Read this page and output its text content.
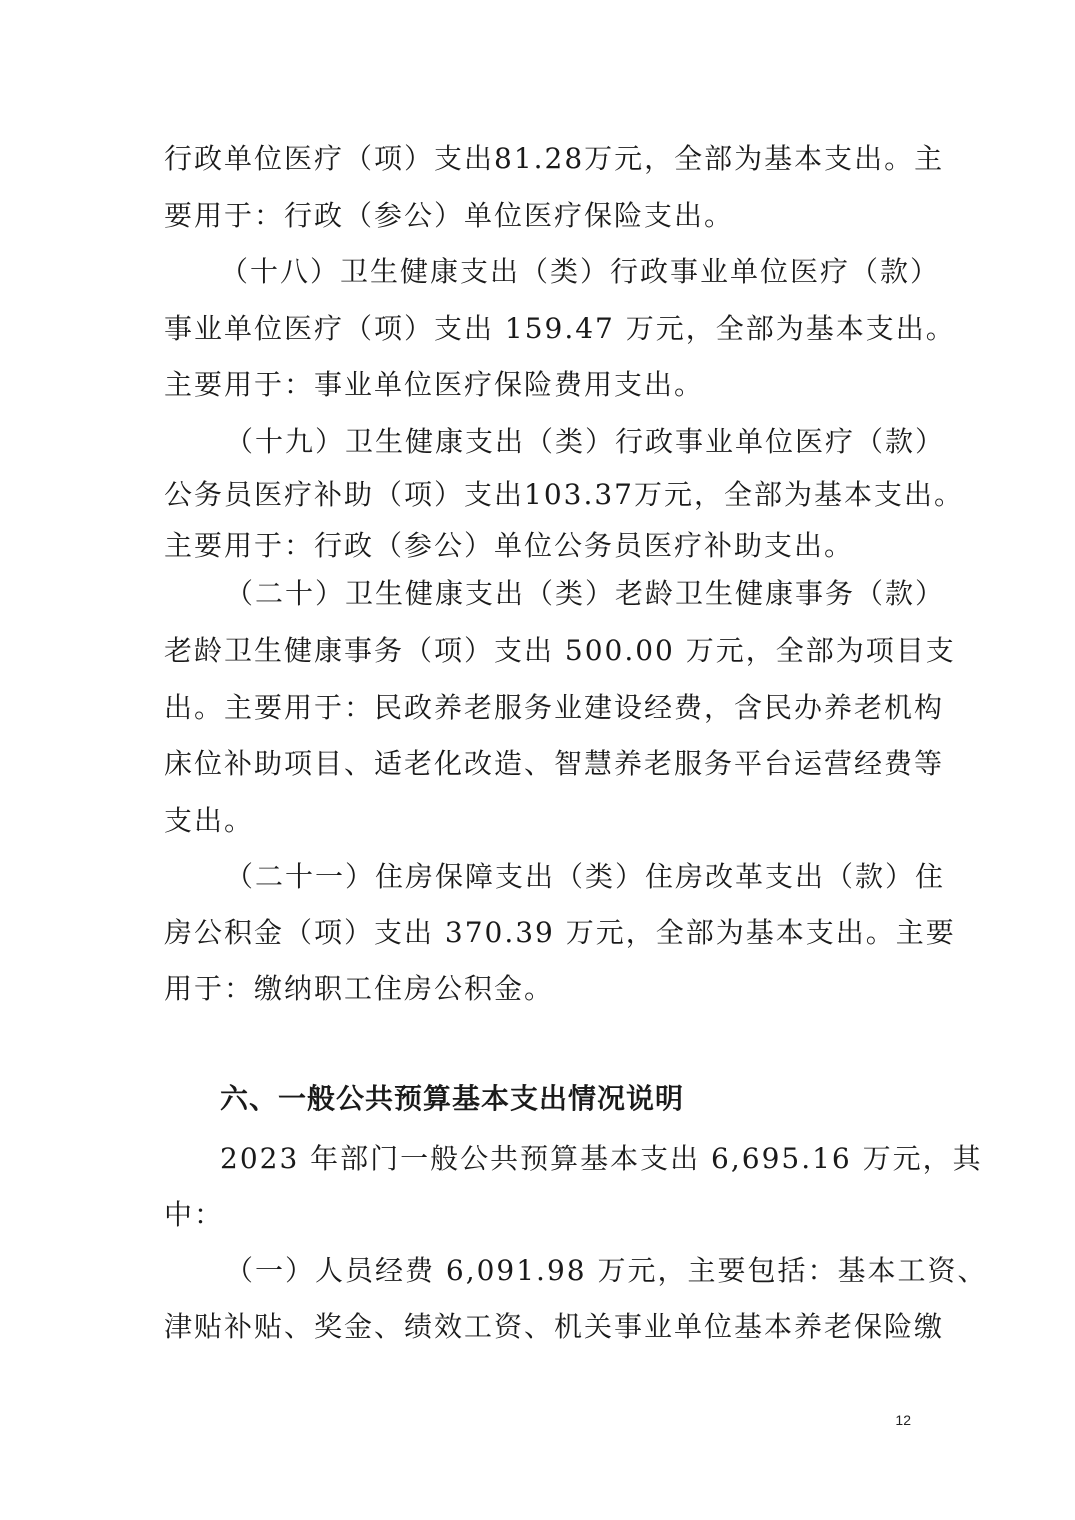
行政单位医疗（项）支出81.28万元，全部为基本支出。主
要用于：行政（参公）单位医疗保险支出。
（十八）卫生健康支出（类）行政事业单位医疗（款）
事业单位医疗（项）支出 159.47 万元，全部为基本支出。
主要用于：事业单位医疗保险费用支出。
（十九）卫生健康支出（类）行政事业单位医疗（款）
公务员医疗补助（项）支出103.37万元，全部为基本支出。
主要用于：行政（参公）单位公务员医疗补助支出。
（二十）卫生健康支出（类）老龄卫生健康事务（款）
老龄卫生健康事务（项）支出 500.00 万元，全部为项目支
出。主要用于：民政养老服务业建设经费，含民办养老机构
床位补助项目、适老化改造、智慧养老服务平台运营经费等
支出。
（二十一）住房保障支出（类）住房改革支出（款）住
房公积金（项）支出 370.39 万元，全部为基本支出。主要
用于：缴纳职工住房公积金。
六、一般公共预算基本支出情况说明
2023 年部门一般公共预算基本支出 6,695.16 万元，其
中：
（一）人员经费 6,091.98 万元，主要包括：基本工资、
津贴补贴、奖金、绩效工资、机关事业单位基本养老保险缴
12
